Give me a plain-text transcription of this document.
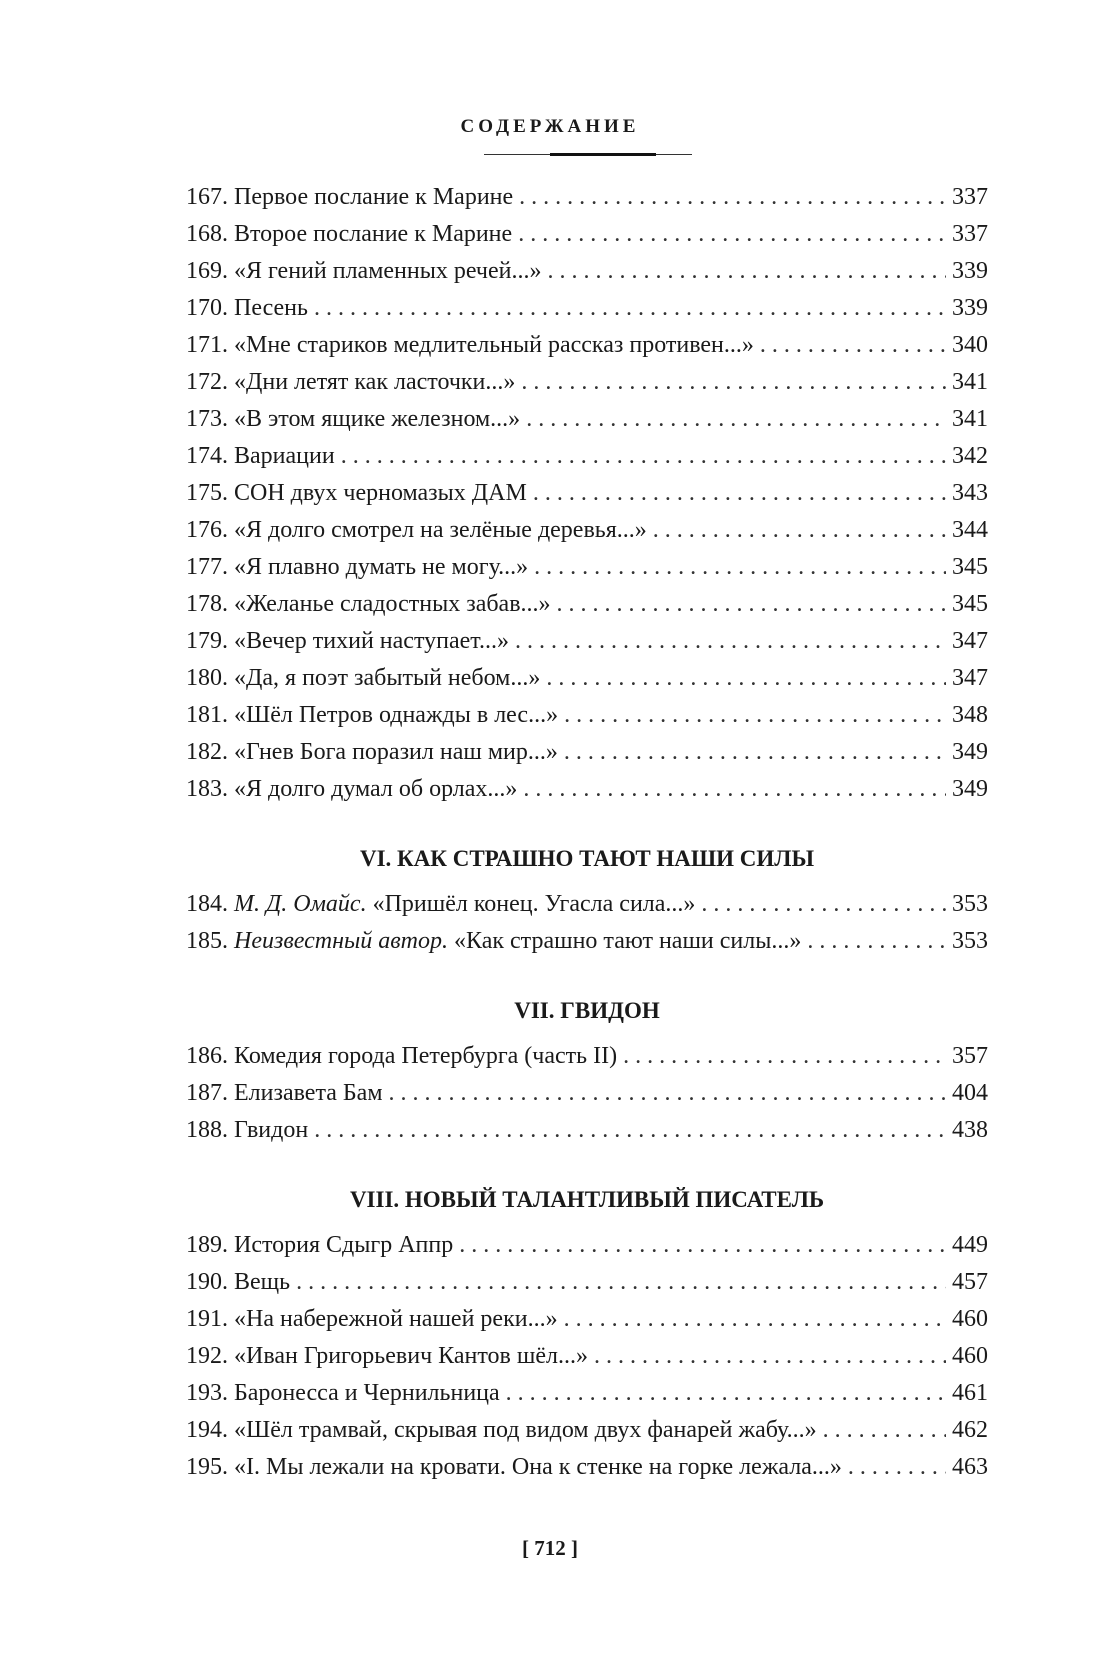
СОДЕРЖАНИЕ
167. Первое послание к Марине . . .	337
168. Второе послание к Марине . . .	337
169. «Я гений пламенных речей...» . . .	339
170. Песень . . .	339
171. «Мне стариков медлительный рассказ противен...» . . .	340
172. «Дни летят как ласточки...» . . .	341
173. «В этом ящике железном...» . . .	341
174. Вариации . . .	342
175. СОН двух черномазых ДАМ . . .	343
176. «Я долго смотрел на зелёные деревья...» . . .	344
177. «Я плавно думать не могу...» . . .	345
178. «Желанье сладостных забав...» . . .	345
179. «Вечер тихий наступает...» . . .	347
180. «Да, я поэт забытый небом...» . . .	347
181. «Шёл Петров однажды в лес...» . . .	348
182. «Гнев Бога поразил наш мир...» . . .	349
183. «Я долго думал об орлах...» . . .	349
VI. КАК СТРАШНО ТАЮТ НАШИ СИЛЫ
184. М. Д. Омайс. «Пришёл конец. Угасла сила...» . . .	353
185. Неизвестный автор. «Как страшно тают наши силы...» . . .	353
VII. ГВИДОН
186. Комедия города Петербурга (часть II) . . .	357
187. Елизавета Бам . . .	404
188. Гвидон . . .	438
VIII. НОВЫЙ ТАЛАНТЛИВЫЙ ПИСАТЕЛЬ
189. История Сдыгр Аппр . . .	449
190. Вещь . . .	457
191. «На набережной нашей реки...» . . .	460
192. «Иван Григорьевич Кантов шёл...» . . .	460
193. Баронесса и Чернильница . . .	461
194. «Шёл трамвай, скрывая под видом двух фанарей жабу...» . . .	462
195. «I. Мы лежали на кровати. Она к стенке на горке лежала...» . . .	463
[ 712 ]
